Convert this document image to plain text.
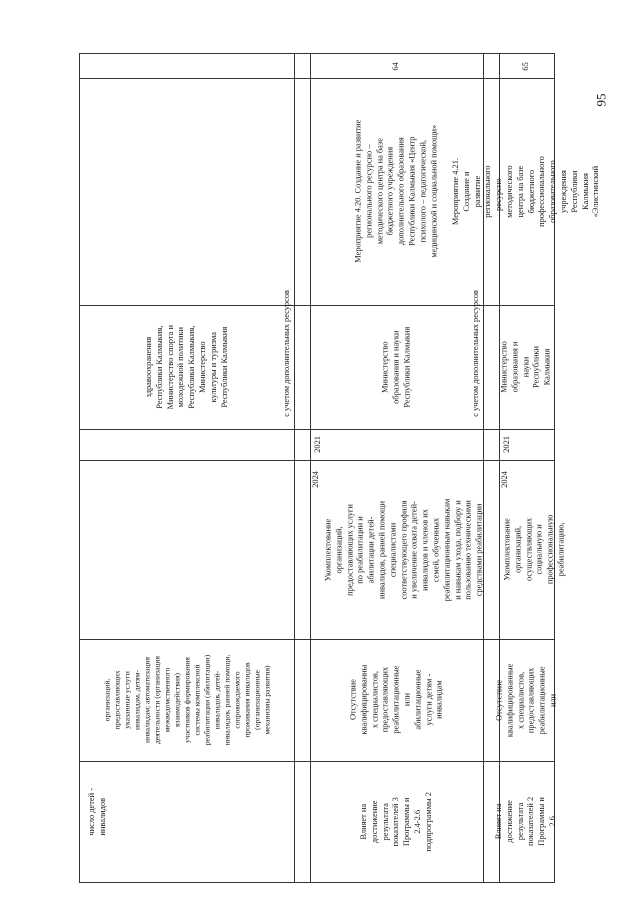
95
здравоохранения
Республики Калмыкия,
Министерство спорта и
молодежной политики
Республики Калмыкия,
Министерство
культуры и туризма
Республики Калмыкия
организаций,
предоставляющих
указанные услуги
инвалидам, детям-
инвалидам; автоматизация
деятельности (организация
межведомственного
взаимодействия)
участников формирования
системы комплексной
реабилитации (абилитации)
инвалидов, детей-
инвалидов, ранней помощи,
сопровождаемого
проживания инвалидов
(организационные
механизмы развития)
число детей -
инвалидов
с учетом дополнительных ресурсов
64
Мероприятие 4.20. Создание и развитие
регионального ресурсно –
методического центра на базе
бюджетного учреждения
дополнительного образования
Республики Калмыкия «Центр
психолого – педагогической,
медицинской и социальной помощи»
Министерство
образования и науки
Республики Калмыкия
2021
2024
Укомплектование
организаций,
предоставляющих услуги
по реабилитации и
абилитации детей-
инвалидов, ранней помощи
специалистами
соответствующего профиля
и увеличение охвата детей-
инвалидов и членов их
семей, обученных
реабилитационным навыкам
и навыкам ухода, подбору и
пользованию техническими
средствами реабилитации
Отсутствие
квалифицированны
х специалистов,
предоставляющих
реабилитационные
или
абилитационные
услуги детям -
инвалидам
Влияет на
достижение
результата
показателей 3
Программы и
2.4-2.6
подпрограммы 2
с учетом дополнительных ресурсов
65
Мероприятие 4.21. Создание и развитие
регионального ресурсно –
методического центра на базе
бюджетного профессионального
образовательного учреждения
Республики Калмыкия «Элистинский
Министерство
образования и науки
Республики Калмыкия
2021
2024
Укомплектование
организаций,
осуществляющих
социальную и
профессиональную
реабилитацию,
Отсутствие
квалифицированные
х специалистов,
предоставляющих
реабилитационные
или
Влияет на
достижение
результата
показателей 2
Программы и
2.6
